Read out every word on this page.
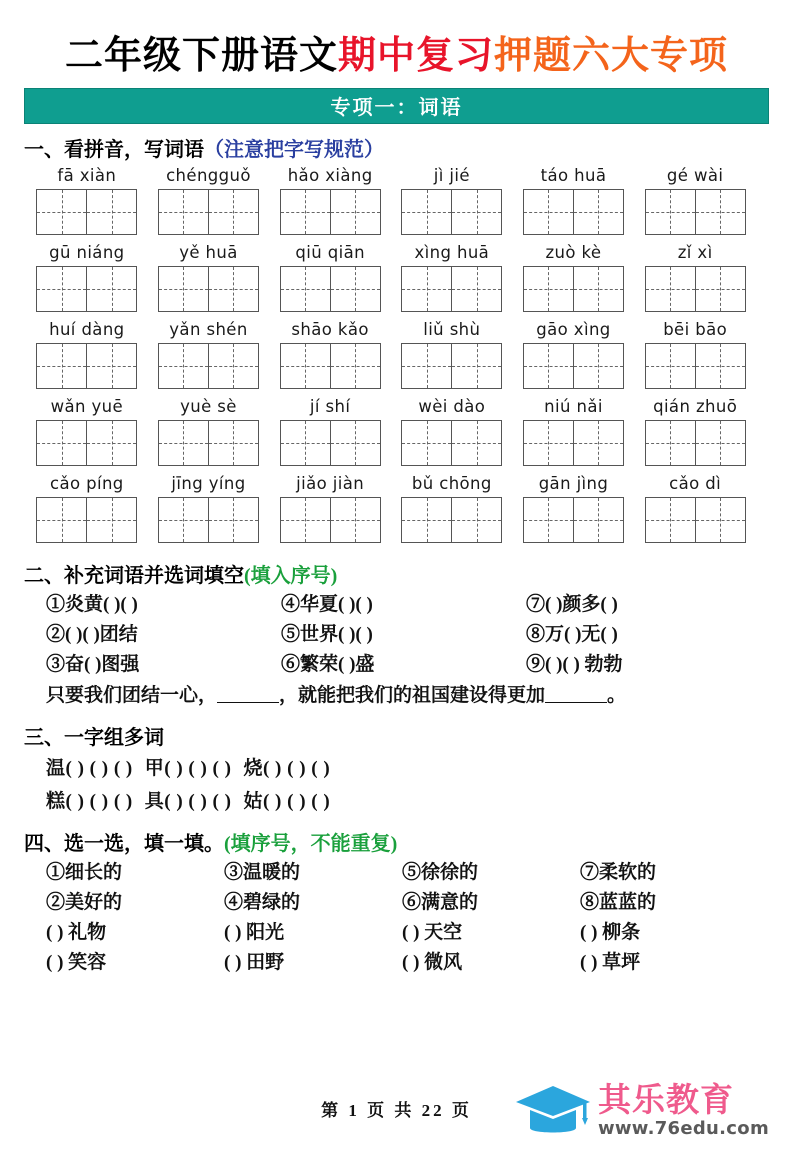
二年级下册语文期中复习押题六大专项
专项一：词语
一、看拼音，写词语（注意把字写规范）
fā xiàn	chéngguǒ	hǎo xiàng	jì jié	táo huā	gé wài
gū niáng	yě huā	qiū qiān	xìng huā	zuò kè	zǐ xì
huí dàng	yǎn shén	shāo kǎo	liǔ shù	gāo xìng	bēi bāo
wǎn yuē	yuè sè	jí shí	wèi dào	niú nǎi	qián zhuō
cǎo píng	jīng yíng	jiǎo jiàn	bǔ chōng	gān jìng	cǎo dì
二、补充词语并选词填空(填入序号)
①炎黄( )( )	④华夏( )( )	⑦( )颜多( )
②( )( )团结	⑤世界( )( )	⑧万( )无( )
③奋( )图强	⑥繁荣( )盛	⑨( )( ) 勃勃
只要我们团结一心，	，就能把我们的祖国建设得更加	。
三、一字组多词
温( ) ( ) ( ) 甲( ) ( ) ( ) 烧( ) ( ) ( )
糕( ) ( ) ( ) 具( ) ( ) ( ) 姑( ) ( ) ( )
四、选一选，填一填。(填序号，不能重复)
①细长的	③温暖的	⑤徐徐的	⑦柔软的
②美好的	④碧绿的	⑥满意的	⑧蓝蓝的
( ) 礼物	( ) 阳光	( ) 天空	( ) 柳条
( ) 笑容	( ) 田野	( ) 微风	( ) 草坪
第 1 页 共 22 页	其乐教育
www.76edu.com
